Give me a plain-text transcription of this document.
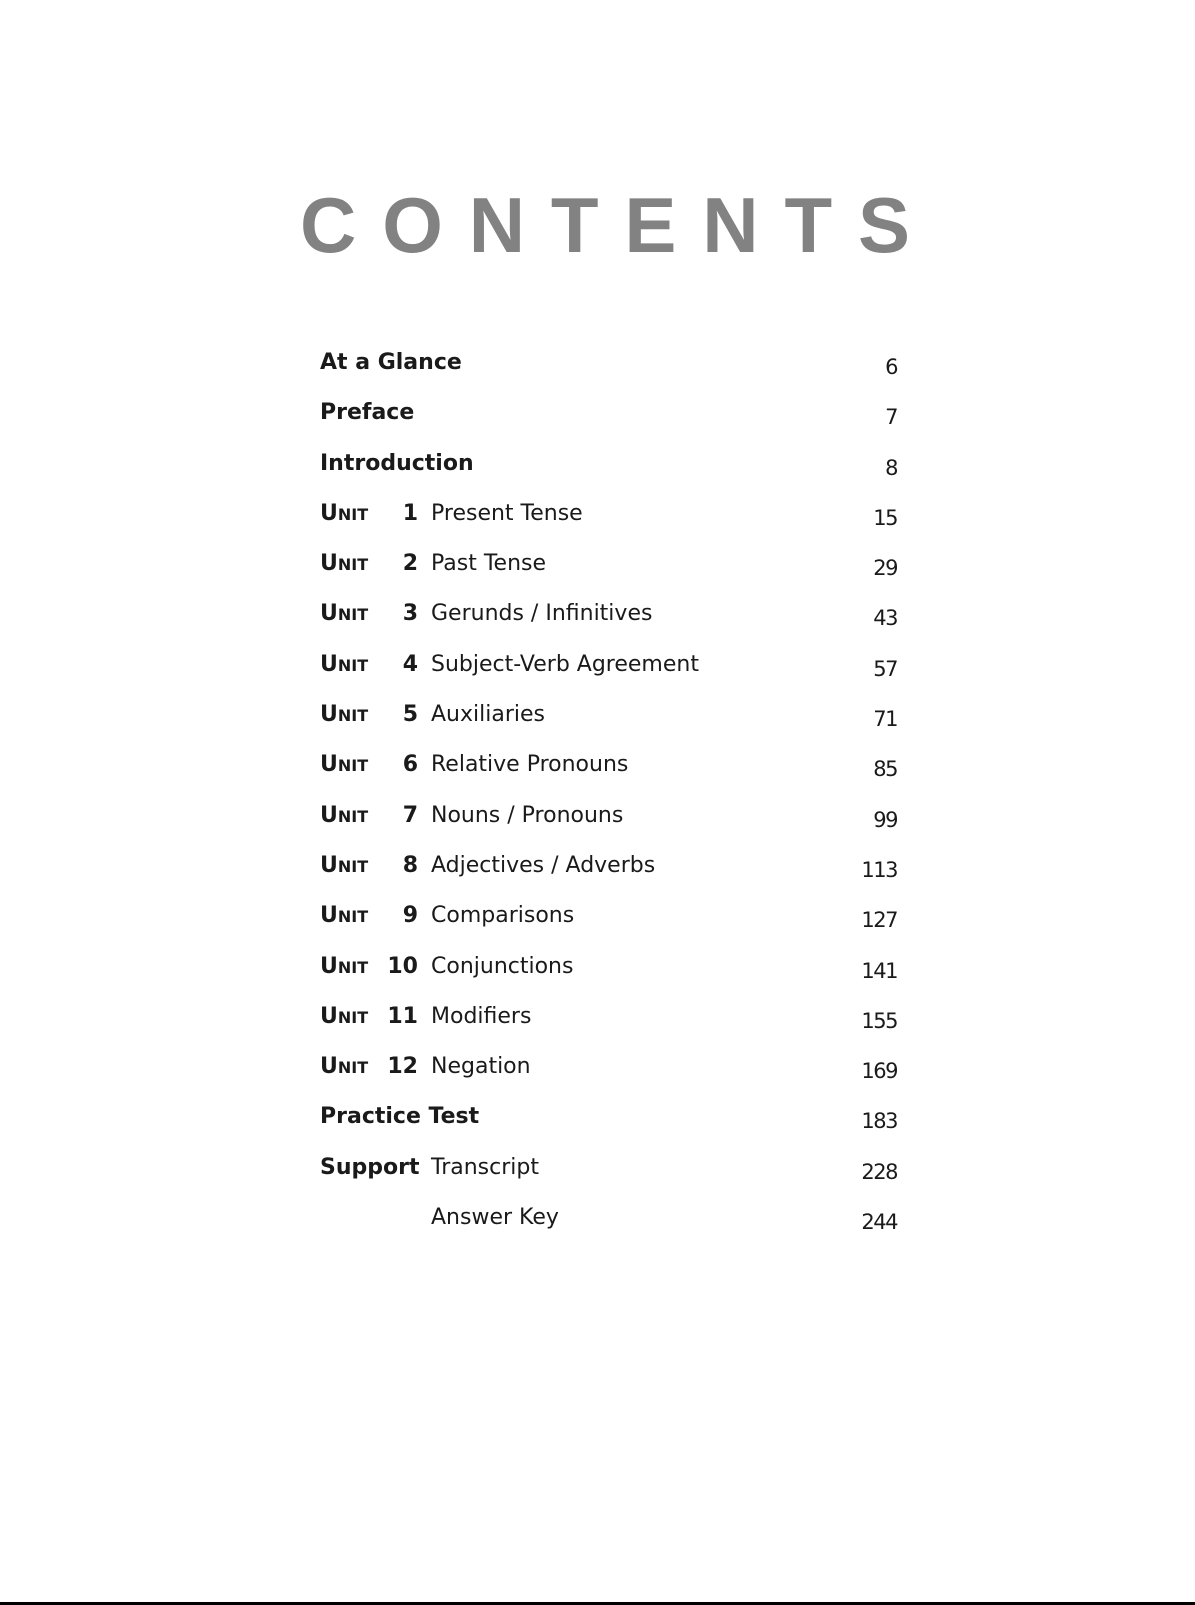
C O N T E N T S
At a Glance	6
Preface	7
Introduction	8
UNIT	1 Present Tense	15
UNIT	2 Past Tense	29
UNIT	3 Gerunds / Infinitives	43
UNIT	4 Subject-Verb Agreement	57
UNIT	5 Auxiliaries	71
UNIT	6 Relative Pronouns	85
UNIT	7 Nouns / Pronouns	99
UNIT	8 Adjectives / Adverbs	113
UNIT	9 Comparisons	127
UNIT 10 Conjunctions	141
UNIT 11 Modifiers	155
UNIT 12 Negation	169
Practice Test	183
Support Transcript	228
Answer Key	244
